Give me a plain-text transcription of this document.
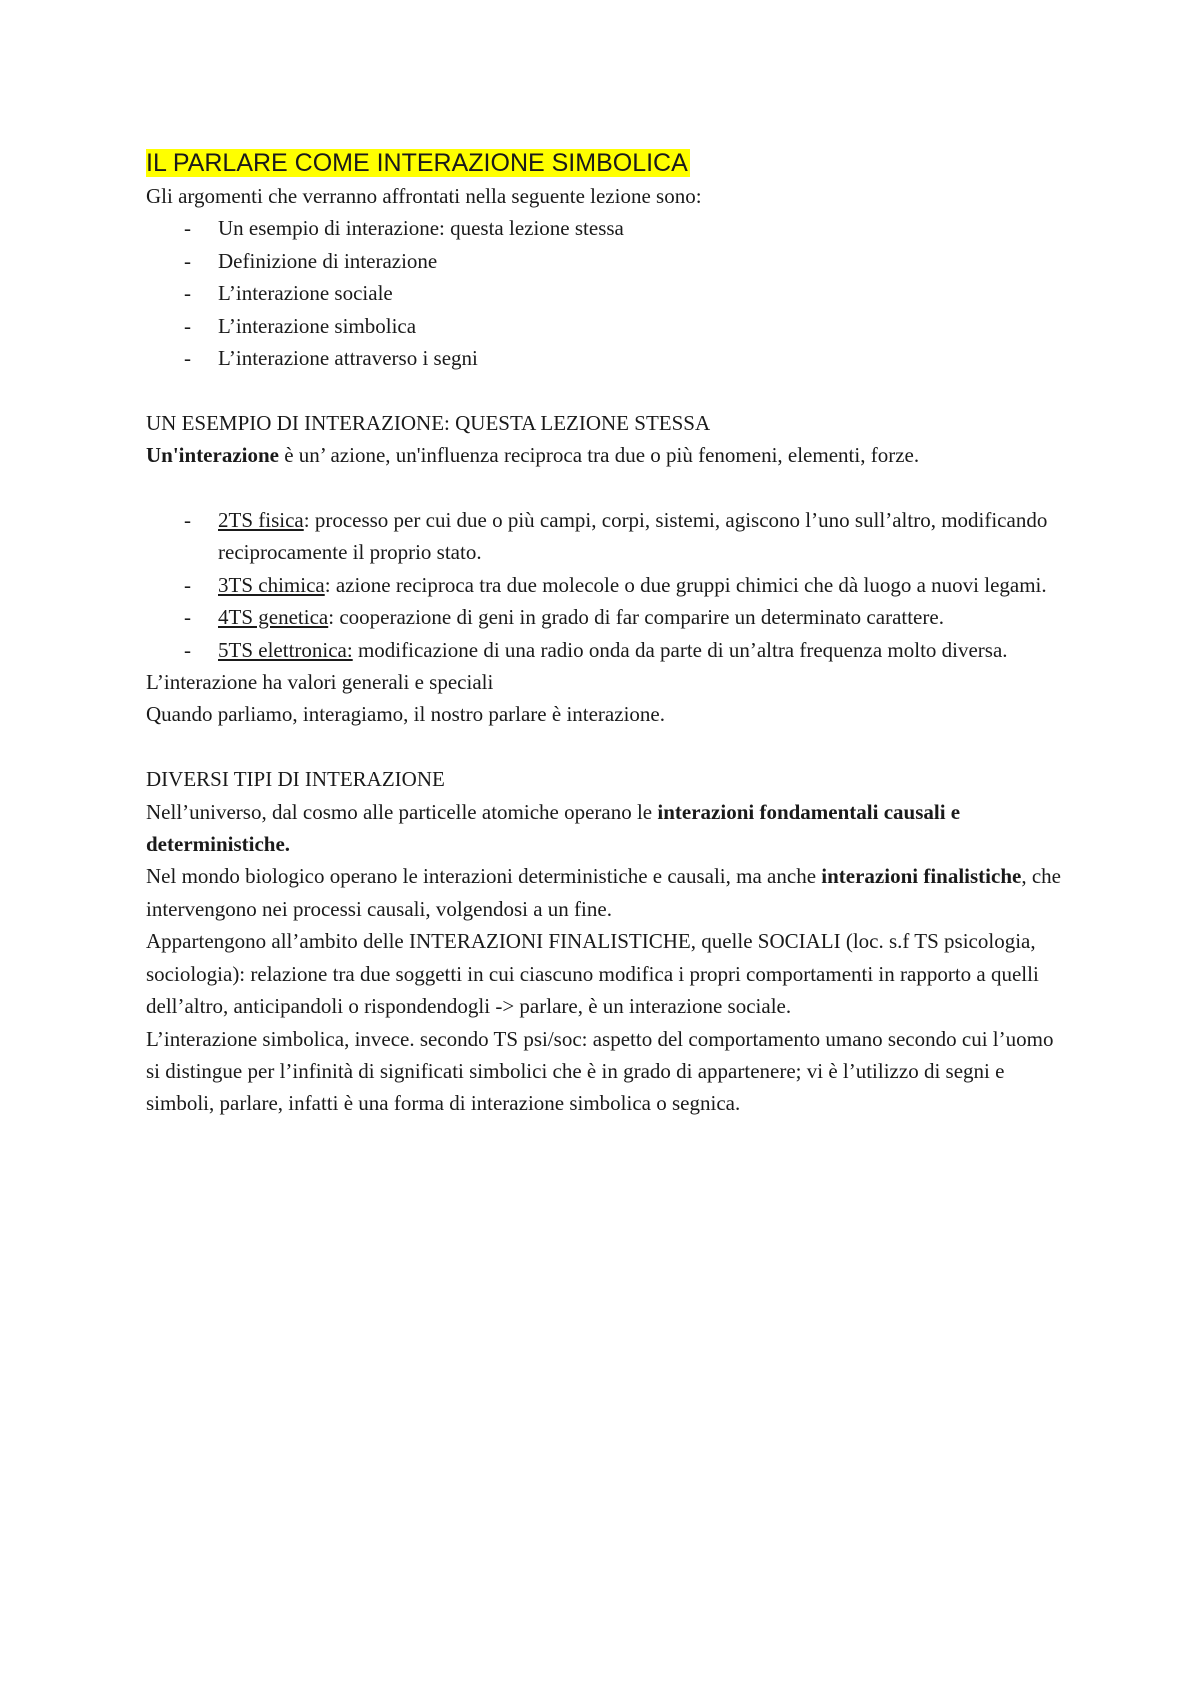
IL PARLARE COME INTERAZIONE SIMBOLICA

Gli argomenti che verranno affrontati nella seguente lezione sono:

- Un esempio di interazione: questa lezione stessa
- Definizione di interazione
- L’interazione sociale
- L’interazione simbolica
- L’interazione attraverso i segni

UN ESEMPIO DI INTERAZIONE: QUESTA LEZIONE STESSA

Un'interazione è un’ azione, un'influenza reciproca tra due o più fenomeni, elementi, forze.

- 2TS fisica: processo per cui due o più campi, corpi, sistemi, agiscono l’uno sull’altro, modificando reciprocamente il proprio stato.
- 3TS chimica: azione reciproca tra due molecole o due gruppi chimici che dà luogo a nuovi legami.
- 4TS genetica: cooperazione di geni in grado di far comparire un determinato carattere.
- 5TS elettronica: modificazione di una radio onda da parte di un’altra frequenza molto diversa.

L’interazione ha valori generali e speciali

Quando parliamo, interagiamo, il nostro parlare è interazione.

DIVERSI TIPI DI INTERAZIONE

Nell’universo, dal cosmo alle particelle atomiche operano le interazioni fondamentali causali e deterministiche.

Nel mondo biologico operano le interazioni deterministiche e causali, ma anche interazioni finalistiche, che intervengono nei processi causali, volgendosi a un fine.

Appartengono all’ambito delle INTERAZIONI FINALISTICHE, quelle SOCIALI (loc. s.f TS psicologia, sociologia): relazione tra due soggetti in cui ciascuno modifica i propri comportamenti in rapporto a quelli dell’altro, anticipandoli o rispondendogli -> parlare, è un interazione sociale.

L’interazione simbolica, invece. secondo TS psi/soc: aspetto del comportamento umano secondo cui l’uomo si distingue per l’infinità di significati simbolici che è in grado di appartenere; vi è l’utilizzo di segni e simboli, parlare, infatti è una forma di interazione simbolica o segnica.
